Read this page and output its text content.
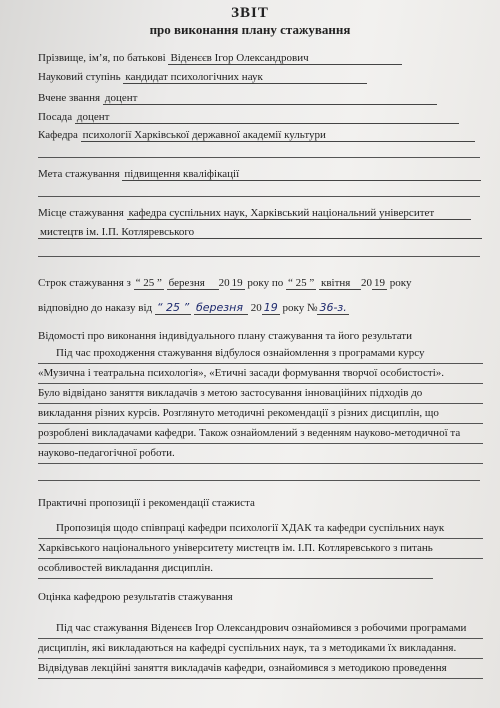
ЗВІТ
про виконання плану стажування
Прізвище, ім’я, по батькові Віденєєв Ігор Олександрович
Науковий ступінь кандидат психологічних наук
Вчене звання доцент
Посада доцент
Кафедра психології Харківської державної академії культури
Мета стажування підвищення кваліфікації
Місце стажування кафедра суспільних наук, Харківський національний університет
мистецтв ім. І.П. Котляревського
Строк стажування з “ 25 ” березня 20 19 року по “ 25 ” квітня 20 19 року
відповідно до наказу від “ 25 ” березня 20 19 року № 36-з.
Відомості про виконання індивідуального плану стажування та його результати
Під час проходження стажування відбулося ознайомлення з програмами курсу
«Музична і театральна психологія», «Етичні засади формування творчої особистості».
Було відвідано заняття викладачів з метою застосування інноваційних підходів до
викладання різних курсів. Розглянуто методичні рекомендації з різних дисциплін, що
розроблені викладачами кафедри. Також ознайомлений з веденням науково-методичної та
науково-педагогічної роботи.
Практичні пропозиції і рекомендації стажиста
Пропозиція щодо співпраці кафедри психології ХДАК та кафедри суспільних наук
Харківського національного університету мистецтв ім. І.П. Котляревського з питань
особливостей викладання дисциплін.
Оцінка кафедрою результатів стажування
Під час стажування Віденєєв Ігор Олександрович ознайомився з робочими програмами
дисциплін, які викладаються на кафедрі суспільних наук, та з методиками їх викладання.
Відвідував лекційні заняття викладачів кафедри, ознайомився з методикою проведення
